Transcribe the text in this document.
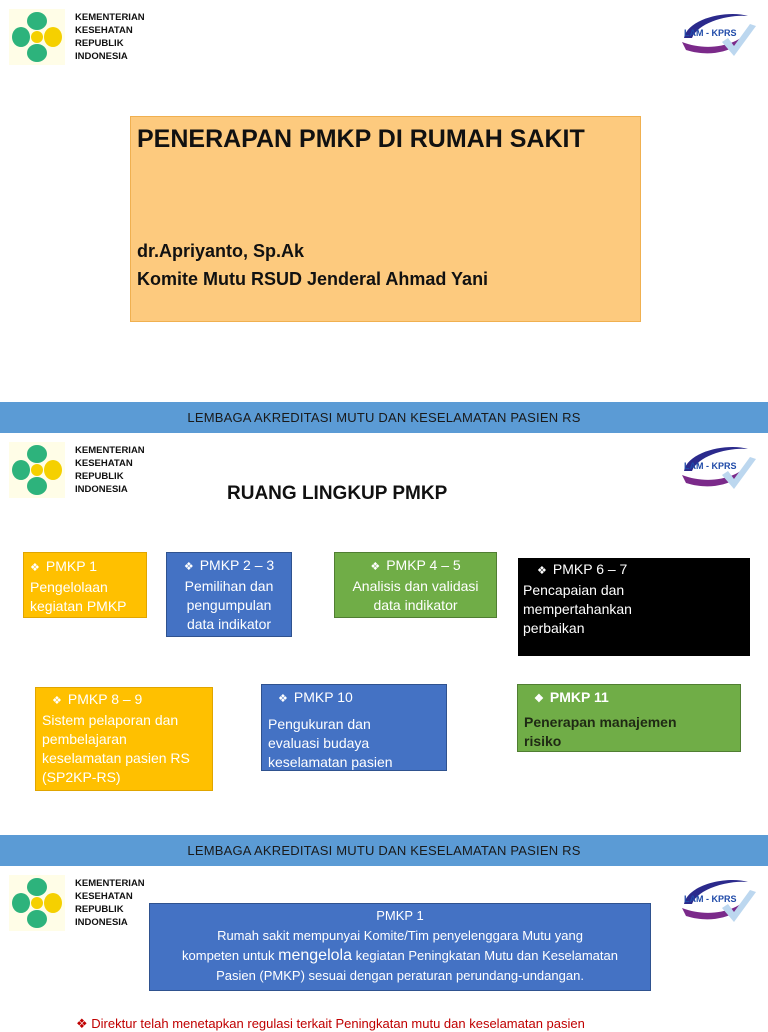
KEMENTERIAN
KESEHATAN
REPUBLIK
INDONESIA
LAM - KPRS
PENERAPAN PMKP DI RUMAH SAKIT
dr.Apriyanto, Sp.Ak
Komite Mutu RSUD Jenderal Ahmad Yani
LEMBAGA AKREDITASI MUTU DAN KESELAMATAN PASIEN RS
KEMENTERIAN
KESEHATAN
REPUBLIK
INDONESIA
LAM - KPRS
RUANG LINGKUP PMKP
❖ PMKP 1
Pengelolaan kegiatan PMKP
❖ PMKP 2 – 3
Pemilihan dan pengumpulan data indikator
❖ PMKP 4 – 5
Analisis dan validasi data indikator
❖ PMKP 6 – 7
Pencapaian dan mempertahankan perbaikan
❖ PMKP 8 – 9
Sistem pelaporan dan pembelajaran keselamatan pasien RS (SP2KP-RS)
❖ PMKP 10
Pengukuran dan evaluasi budaya keselamatan pasien
❖ PMKP 11
Penerapan manajemen risiko
LEMBAGA AKREDITASI MUTU DAN KESELAMATAN PASIEN RS
KEMENTERIAN
KESEHATAN
REPUBLIK
INDONESIA
LAM - KPRS
PMKP 1
Rumah sakit mempunyai Komite/Tim penyelenggara Mutu yang
kompeten untuk mengelola kegiatan Peningkatan Mutu dan Keselamatan
Pasien (PMKP) sesuai dengan peraturan perundang-undangan.
❖ Direktur telah menetapkan regulasi terkait Peningkatan mutu dan keselamatan pasien
